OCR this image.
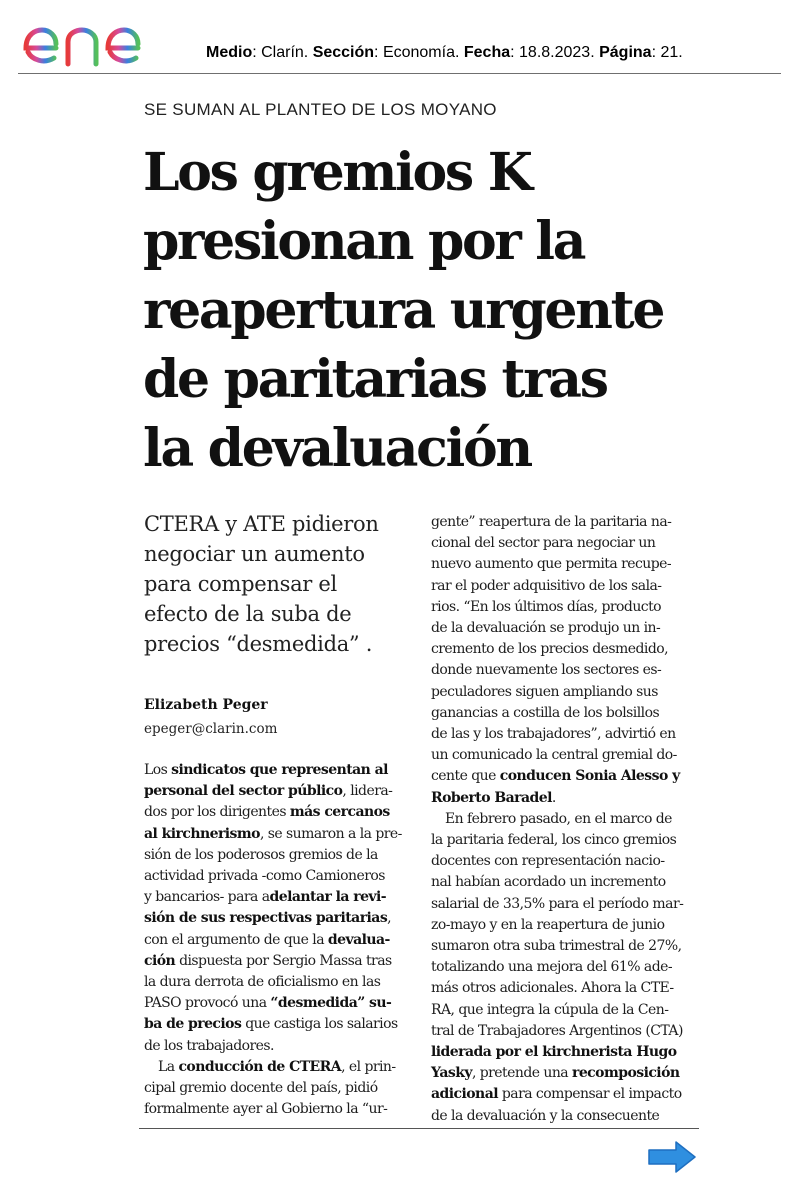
Medio: Clarín. Sección: Economía. Fecha: 18.8.2023. Página: 21.
SE SUMAN AL PLANTEO DE LOS MOYANO
Los gremios K
presionan por la
reapertura urgente
de paritarias tras
la devaluación
CTERA y ATE pidieron
negociar un aumento
para compensar el
efecto de la suba de
precios “desmedida” .
Elizabeth Peger
epeger@clarin.com
Los sindicatos que representan al
personal del sector público, lidera-
dos por los dirigentes más cercanos
al kirchnerismo, se sumaron a la pre-
sión de los poderosos gremios de la
actividad privada -como Camioneros
y bancarios- para adelantar la revi-
sión de sus respectivas paritarias,
con el argumento de que la devalua-
ción dispuesta por Sergio Massa tras
la dura derrota de oficialismo en las
PASO provocó una “desmedida” su-
ba de precios que castiga los salarios
de los trabajadores.
La conducción de CTERA, el prin-
cipal gremio docente del país, pidió
formalmente ayer al Gobierno la “ur-
gente” reapertura de la paritaria na-
cional del sector para negociar un
nuevo aumento que permita recupe-
rar el poder adquisitivo de los sala-
rios. “En los últimos días, producto
de la devaluación se produjo un in-
cremento de los precios desmedido,
donde nuevamente los sectores es-
peculadores siguen ampliando sus
ganancias a costilla de los bolsillos
de las y los trabajadores”, advirtió en
un comunicado la central gremial do-
cente que conducen Sonia Alesso y
Roberto Baradel.
En febrero pasado, en el marco de
la paritaria federal, los cinco gremios
docentes con representación nacio-
nal habían acordado un incremento
salarial de 33,5% para el período mar-
zo-mayo y en la reapertura de junio
sumaron otra suba trimestral de 27%,
totalizando una mejora del 61% ade-
más otros adicionales. Ahora la CTE-
RA, que integra la cúpula de la Cen-
tral de Trabajadores Argentinos (CTA)
liderada por el kirchnerista Hugo
Yasky, pretende una recomposición
adicional para compensar el impacto
de la devaluación y la consecuente
